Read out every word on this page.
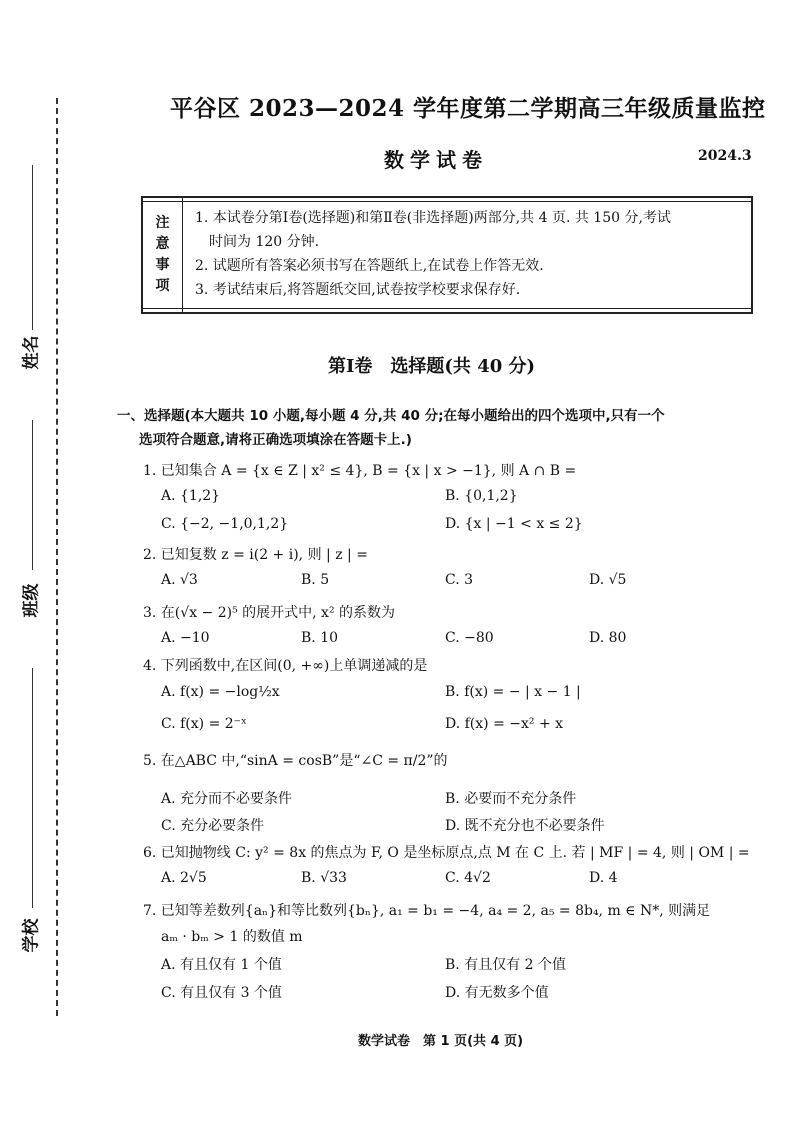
姓名
班级
学校
平谷区 2023—2024 学年度第二学期高三年级质量监控
数学试卷	2024.3
注
意
事
项
1. 本试卷分第Ⅰ卷(选择题)和第Ⅱ卷(非选择题)两部分,共 4 页. 共 150 分,考试
时间为 120 分钟.
2. 试题所有答案必须书写在答题纸上,在试卷上作答无效.
3. 考试结束后,将答题纸交回,试卷按学校要求保存好.
第Ⅰ卷　选择题(共 40 分)
一、选择题(本大题共 10 小题,每小题 4 分,共 40 分;在每小题给出的四个选项中,只有一个
选项符合题意,请将正确选项填涂在答题卡上.)
1. 已知集合 A = {x ∈ Z | x² ≤ 4}, B = {x | x > −1}, 则 A ∩ B =
A. {1,2}	B. {0,1,2}
C. {−2, −1,0,1,2}	D. {x | −1 < x ≤ 2}
2. 已知复数 z = i(2 + i), 则 | z | =
A. √3	B. 5	C. 3	D. √5
3. 在(√x − 2)⁵ 的展开式中, x² 的系数为
A. −10	B. 10	C. −80	D. 80
4. 下列函数中,在区间(0, +∞)上单调递减的是
A. f(x) = −log½x	B. f(x) = − | x − 1 |
C. f(x) = 2⁻ˣ	D. f(x) = −x² + x
5. 在△ABC 中,“sinA = cosB”是“∠C = π/2”的
A. 充分而不必要条件	B. 必要而不充分条件
C. 充分必要条件	D. 既不充分也不必要条件
6. 已知抛物线 C: y² = 8x 的焦点为 F, O 是坐标原点,点 M 在 C 上. 若 | MF | = 4, 则 | OM | =
A. 2√5	B. √33	C. 4√2	D. 4
7. 已知等差数列{aₙ}和等比数列{bₙ}, a₁ = b₁ = −4, a₄ = 2, a₅ = 8b₄, m ∈ N*, 则满足
aₘ · bₘ > 1 的数值 m
A. 有且仅有 1 个值	B. 有且仅有 2 个值
C. 有且仅有 3 个值	D. 有无数多个值
数学试卷　第 1 页(共 4 页)
